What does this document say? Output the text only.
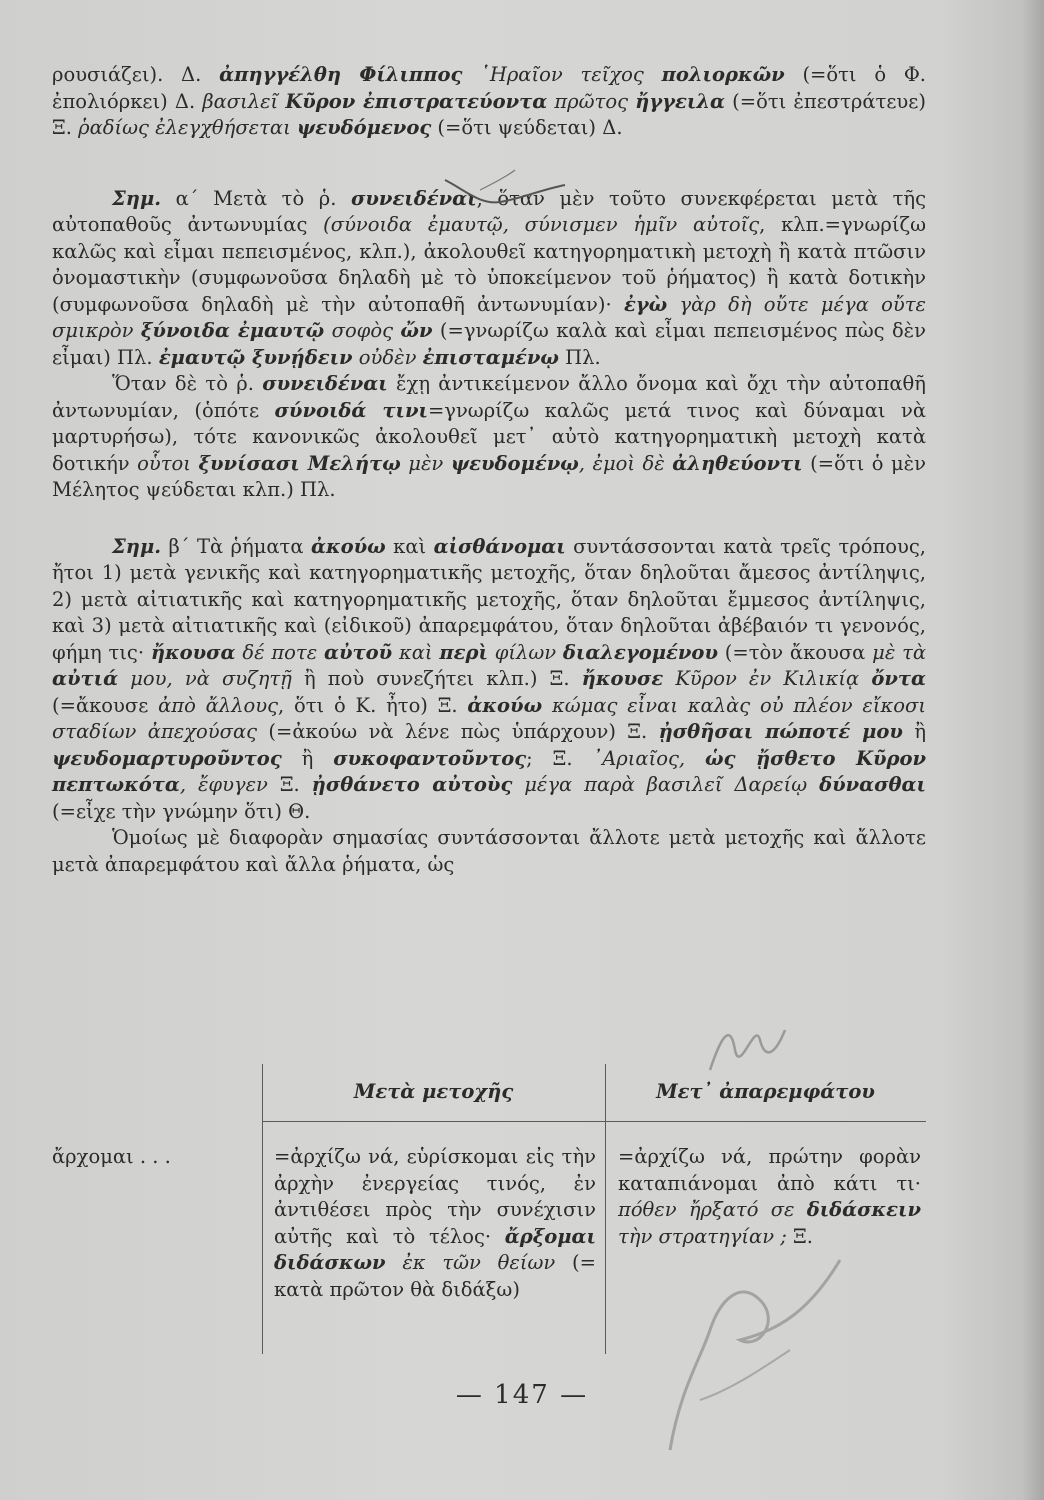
ρουσιάζει). Δ. ἀπηγγέλθη Φίλιππος ῾Ηραῖον τεῖχος πολιορκῶν (=ὅτι ὁ Φ. ἐπολιόρκει) Δ. βασιλεῖ Κῦρον ἐπιστρατεύοντα πρῶτος ἤγγειλα (=ὅτι ἐπεστράτευε) Ξ. ῥαδίως ἐλεγχθήσεται ψευδόμενος (=ὅτι ψεύδεται) Δ.

Σημ. α΄ Μετὰ τὸ ῥ. συνειδέναι, ὅταν μὲν τοῦτο συνεκφέρεται μετὰ τῆς αὐτοπαθοῦς ἀντωνυμίας (σύνοιδα ἐμαυτῷ, σύνισμεν ἡμῖν αὐτοῖς, κλπ.=γνωρίζω καλῶς καὶ εἶμαι πεπεισμένος, κλπ.), ἀκολουθεῖ κατηγορηματικὴ μετοχὴ ἢ κατὰ πτῶσιν ὀνομαστικὴν (συμφωνοῦσα δηλαδὴ μὲ τὸ ὑποκείμενον τοῦ ῥήματος) ἢ κατὰ δοτικὴν (συμφωνοῦσα δηλαδὴ μὲ τὴν αὐτοπαθῆ ἀντωνυμίαν)· ἐγὼ γὰρ δὴ οὔτε μέγα οὔτε σμικρὸν ξύνοιδα ἐμαυτῷ σοφὸς ὤν (=γνωρίζω καλὰ καὶ εἶμαι πεπεισμένος πὼς δὲν εἶμαι) Πλ. ἐμαυτῷ ξυνῄδειν οὐδὲν ἐπισταμένῳ Πλ.

Ὅταν δὲ τὸ ῥ. συνειδέναι ἔχῃ ἀντικείμενον ἄλλο ὄνομα καὶ ὄχι τὴν αὐτοπαθῆ ἀντωνυμίαν, (ὁπότε σύνοιδά τινι=γνωρίζω καλῶς μετά τινος καὶ δύναμαι νὰ μαρτυρήσω), τότε κανονικῶς ἀκολουθεῖ μετ᾽ αὐτὸ κατηγορηματικὴ μετοχὴ κατὰ δοτικήν οὗτοι ξυνίσασι Μελήτῳ μὲν ψευδομένῳ, ἐμοὶ δὲ ἀληθεύοντι (=ὅτι ὁ μὲν Μέλητος ψεύδεται κλπ.) Πλ.

Σημ. β΄ Τὰ ῥήματα ἀκούω καὶ αἰσθάνομαι συντάσσονται κατὰ τρεῖς τρόπους, ἤτοι 1) μετὰ γενικῆς καὶ κατηγορηματικῆς μετοχῆς, ὅταν δηλοῦται ἄμεσος ἀντίληψις, 2) μετὰ αἰτιατικῆς καὶ κατηγορηματικῆς μετοχῆς, ὅταν δηλοῦται ἔμμεσος ἀντίληψις, καὶ 3) μετὰ αἰτιατικῆς καὶ (εἰδικοῦ) ἀπαρεμφάτου, ὅταν δηλοῦται ἀβέβαιόν τι γενονός, φήμη τις· ἤκουσα δέ ποτε αὐτοῦ καὶ περὶ φίλων διαλεγομένου (=τὸν ἄκουσα μὲ τὰ αὐτιά μου, νὰ συζητῇ ἢ ποὺ συνεζήτει κλπ.) Ξ. ἤκουσε Κῦρον ἐν Κιλικίᾳ ὄντα (=ἄκουσε ἀπὸ ἄλλους, ὅτι ὁ Κ. ἦτο) Ξ. ἀκούω κώμας εἶναι καλὰς οὐ πλέον εἴκοσι σταδίων ἀπεχούσας (=ἀκούω νὰ λένε πὼς ὑπάρχουν) Ξ. ᾐσθῆσαι πώποτέ μου ἢ ψευδομαρτυροῦντος ἢ συκοφαντοῦντος; Ξ. ᾽Αριαῖος, ὡς ᾔσθετο Κῦρον πεπτωκότα, ἔφυγεν Ξ. ᾐσθάνετο αὐτοὺς μέγα παρὰ βασιλεῖ Δαρείῳ δύνασθαι (=εἶχε τὴν γνώμην ὅτι) Θ.

Ὁμοίως μὲ διαφορὰν σημασίας συντάσσονται ἄλλοτε μετὰ μετοχῆς καὶ ἄλλοτε μετὰ ἀπαρεμφάτου καὶ ἄλλα ῥήματα, ὡς

Μετὰ μετοχῆς	Μετ᾽ ἀπαρεμφάτου
ἄρχομαι . . .	=ἀρχίζω νά, εὑρίσκομαι εἰς τὴν ἀρχὴν ἐνεργείας τινός, ἐν ἀντιθέσει πρὸς τὴν συνέχισιν αὐτῆς καὶ τὸ τέλος· ἄρξομαι διδάσκων ἐκ τῶν θείων (= κατὰ πρῶτον θὰ διδάξω)
=ἀρχίζω νά, πρώτην φορὰν καταπιάνομαι ἀπὸ κάτι τι· πόθεν ἤρξατό σε διδάσκειν τὴν στρατηγίαν ; Ξ.
— 147 —
